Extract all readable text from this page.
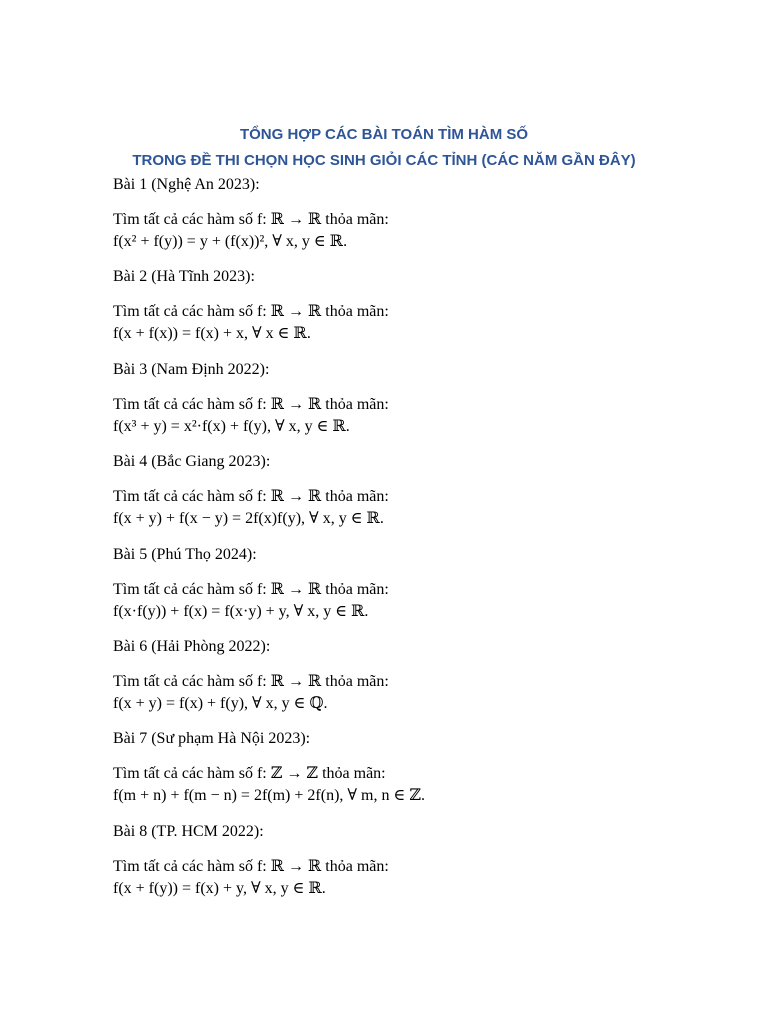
TỔNG HỢP CÁC BÀI TOÁN TÌM HÀM SỐ
TRONG ĐỀ THI CHỌN HỌC SINH GIỎI CÁC TỈNH (CÁC NĂM GẦN ĐÂY)
Bài 1 (Nghệ An 2023):
Tìm tất cả các hàm số f: ℝ → ℝ thỏa mãn:
f(x² + f(y)) = y + (f(x))², ∀ x, y ∈ ℝ.
Bài 2 (Hà Tĩnh 2023):
Tìm tất cả các hàm số f: ℝ → ℝ thỏa mãn:
f(x + f(x)) = f(x) + x, ∀ x ∈ ℝ.
Bài 3 (Nam Định 2022):
Tìm tất cả các hàm số f: ℝ → ℝ thỏa mãn:
f(x³ + y) = x²·f(x) + f(y), ∀ x, y ∈ ℝ.
Bài 4 (Bắc Giang 2023):
Tìm tất cả các hàm số f: ℝ → ℝ thỏa mãn:
f(x + y) + f(x − y) = 2f(x)f(y), ∀ x, y ∈ ℝ.
Bài 5 (Phú Thọ 2024):
Tìm tất cả các hàm số f: ℝ → ℝ thỏa mãn:
f(x·f(y)) + f(x) = f(x·y) + y, ∀ x, y ∈ ℝ.
Bài 6 (Hải Phòng 2022):
Tìm tất cả các hàm số f: ℝ → ℝ thỏa mãn:
f(x + y) = f(x) + f(y), ∀ x, y ∈ ℚ.
Bài 7 (Sư phạm Hà Nội 2023):
Tìm tất cả các hàm số f: ℤ → ℤ thỏa mãn:
f(m + n) + f(m − n) = 2f(m) + 2f(n), ∀ m, n ∈ ℤ.
Bài 8 (TP. HCM 2022):
Tìm tất cả các hàm số f: ℝ → ℝ thỏa mãn:
f(x + f(y)) = f(x) + y, ∀ x, y ∈ ℝ.
